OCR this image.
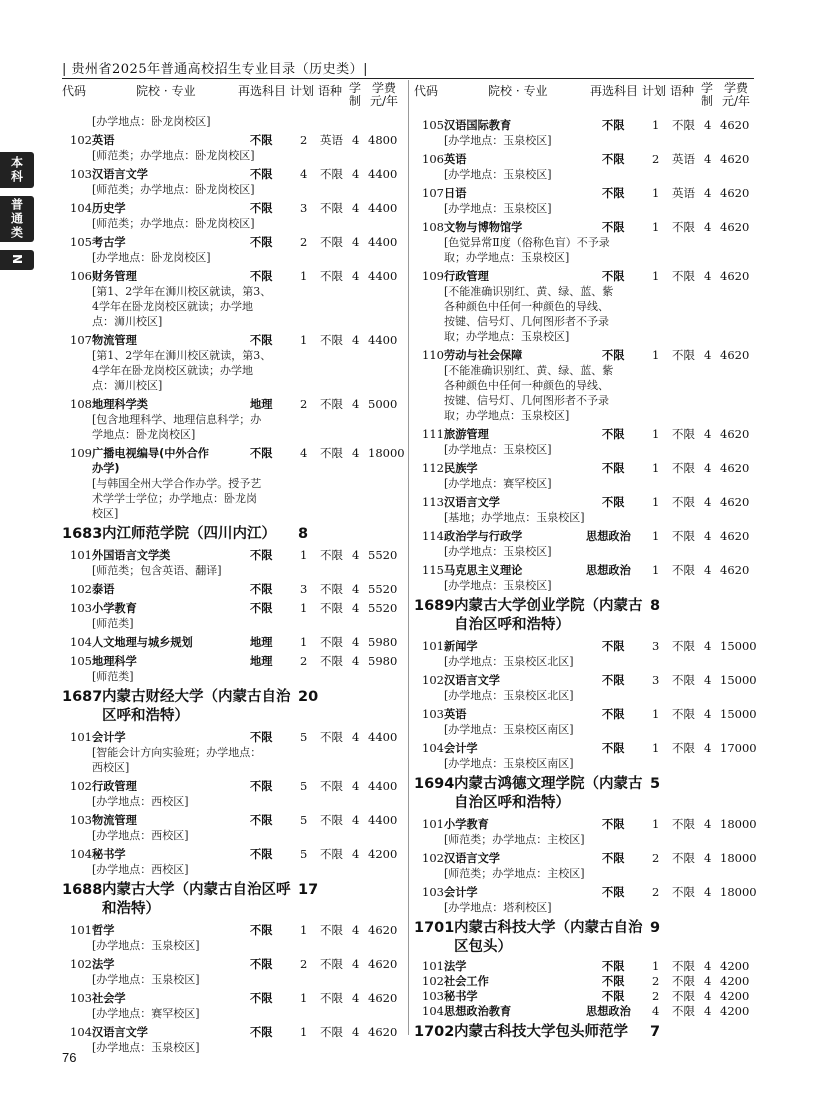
| 贵州省2025年普通高校招生专业目录（历史类）|
本科
普通类
N
代码	院校 · 专业	再选科目 计划 语种 学制
学费元/年
[办学地点：卧龙岗校区]
102 英语	不限 2 英语 4 4800
[师范类；办学地点：卧龙岗校区]
103 汉语言文学	不限 4 不限 4 4400
[师范类；办学地点：卧龙岗校区]
104 历史学	不限 3 不限 4 4400
[师范类；办学地点：卧龙岗校区]
105 考古学	不限 2 不限 4 4400
[办学地点：卧龙岗校区]
106 财务管理	不限 1 不限 4 4400
[第1、2学年在浉川校区就读，第3、
4学年在卧龙岗校区就读；办学地
点：浉川校区]
107 物流管理	不限 1 不限 4 4400
[第1、2学年在浉川校区就读，第3、
4学年在卧龙岗校区就读；办学地
点：浉川校区]
108 地理科学类	地理 2 不限 4 5000
[包含地理科学、地理信息科学；办
学地点：卧龙岗校区]
109 广播电视编导(中外合作
办学)
不限 4 不限 4 18000
[与韩国全州大学合作办学。授予艺
术学学士学位；办学地点：卧龙岗
校区]
1683 内江师范学院（四川内江）	8
101 外国语言文学类	不限 1 不限 4 5520
[师范类；包含英语、翻译]
102 泰语	不限 3 不限 4 5520
103 小学教育	不限 1 不限 4 5520
[师范类]
104 人文地理与城乡规划	地理 1 不限 4 5980
105 地理科学	地理 2 不限 4 5980
[师范类]
1687 内蒙古财经大学（内蒙古自治
区呼和浩特）
20
101 会计学	不限 5 不限 4 4400
[智能会计方向实验班；办学地点：
西校区]
102 行政管理	不限 5 不限 4 4400
[办学地点：西校区]
103 物流管理	不限 5 不限 4 4400
[办学地点：西校区]
104 秘书学	不限 5 不限 4 4200
[办学地点：西校区]
1688 内蒙古大学（内蒙古自治区呼
和浩特）
17
101 哲学	不限 1 不限 4 4620
[办学地点：玉泉校区]
102 法学	不限 2 不限 4 4620
[办学地点：玉泉校区]
103 社会学	不限 1 不限 4 4620
[办学地点：赛罕校区]
104 汉语言文学	不限 1 不限 4 4620
[办学地点：玉泉校区]
代码	院校 · 专业	再选科目 计划 语种 学制
学费元/年
105 汉语国际教育	不限 1 不限 4 4620
[办学地点：玉泉校区]
106 英语	不限 2 英语 4 4620
[办学地点：玉泉校区]
107 日语	不限 1 英语 4 4620
[办学地点：玉泉校区]
108 文物与博物馆学	不限 1 不限 4 4620
[色觉异常Ⅱ度（俗称色盲）不予录
取；办学地点：玉泉校区]
109 行政管理	不限 1 不限 4 4620
[不能准确识别红、黄、绿、蓝、紫
各种颜色中任何一种颜色的导线、
按键、信号灯、几何图形者不予录
取；办学地点：玉泉校区]
110 劳动与社会保障	不限 1 不限 4 4620
[不能准确识别红、黄、绿、蓝、紫
各种颜色中任何一种颜色的导线、
按键、信号灯、几何图形者不予录
取；办学地点：玉泉校区]
111 旅游管理	不限 1 不限 4 4620
[办学地点：玉泉校区]
112 民族学	不限 1 不限 4 4620
[办学地点：赛罕校区]
113 汉语言文学	不限 1 不限 4 4620
[基地；办学地点：玉泉校区]
114 政治学与行政学	思想政治 1 不限 4 4620
[办学地点：玉泉校区]
115 马克思主义理论	思想政治 1 不限 4 4620
[办学地点：玉泉校区]
1689 内蒙古大学创业学院（内蒙古
自治区呼和浩特）
8
101 新闻学	不限 3 不限 4 15000
[办学地点：玉泉校区北区]
102 汉语言文学	不限 3 不限 4 15000
[办学地点：玉泉校区北区]
103 英语	不限 1 不限 4 15000
[办学地点：玉泉校区南区]
104 会计学	不限 1 不限 4 17000
[办学地点：玉泉校区南区]
1694 内蒙古鸿德文理学院（内蒙古
自治区呼和浩特）
5
101 小学教育	不限 1 不限 4 18000
[师范类；办学地点：主校区]
102 汉语言文学	不限 2 不限 4 18000
[师范类；办学地点：主校区]
103 会计学	不限 2 不限 4 18000
[办学地点：塔利校区]
1701 内蒙古科技大学（内蒙古自治
区包头）
9
101 法学	不限 1 不限 4 4200
102 社会工作	不限 2 不限 4 4200
103 秘书学	不限 2 不限 4 4200
104 思想政治教育	思想政治 4 不限 4 4200
1702 内蒙古科技大学包头师范学	7
76
